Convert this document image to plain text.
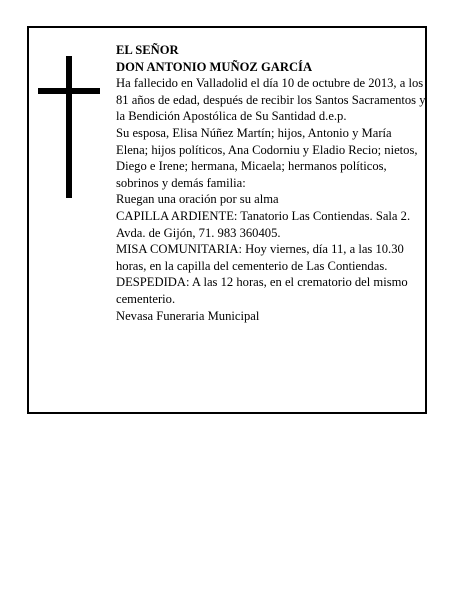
EL SEÑOR

DON ANTONIO MUÑOZ GARCÍA

Ha fallecido en Valladolid el día 10 de octubre de 2013, a los 81 años de edad, después de recibir los Santos Sacramentos y la Bendición Apostólica de Su Santidad d.e.p.

Su esposa, Elisa Núñez Martín; hijos, Antonio y María Elena; hijos políticos, Ana Codorniu y Eladio Recio; nietos, Diego e Irene; hermana, Micaela; hermanos políticos, sobrinos y demás familia:

Ruegan una oración por su alma

CAPILLA ARDIENTE: Tanatorio Las Contiendas. Sala 2. Avda. de Gijón, 71. 983 360405.

MISA COMUNITARIA: Hoy viernes, día 11, a las 10.30 horas, en la capilla del cementerio de Las Contiendas.

DESPEDIDA: A las 12 horas, en el crematorio del mismo cementerio.

Nevasa Funeraria Municipal
